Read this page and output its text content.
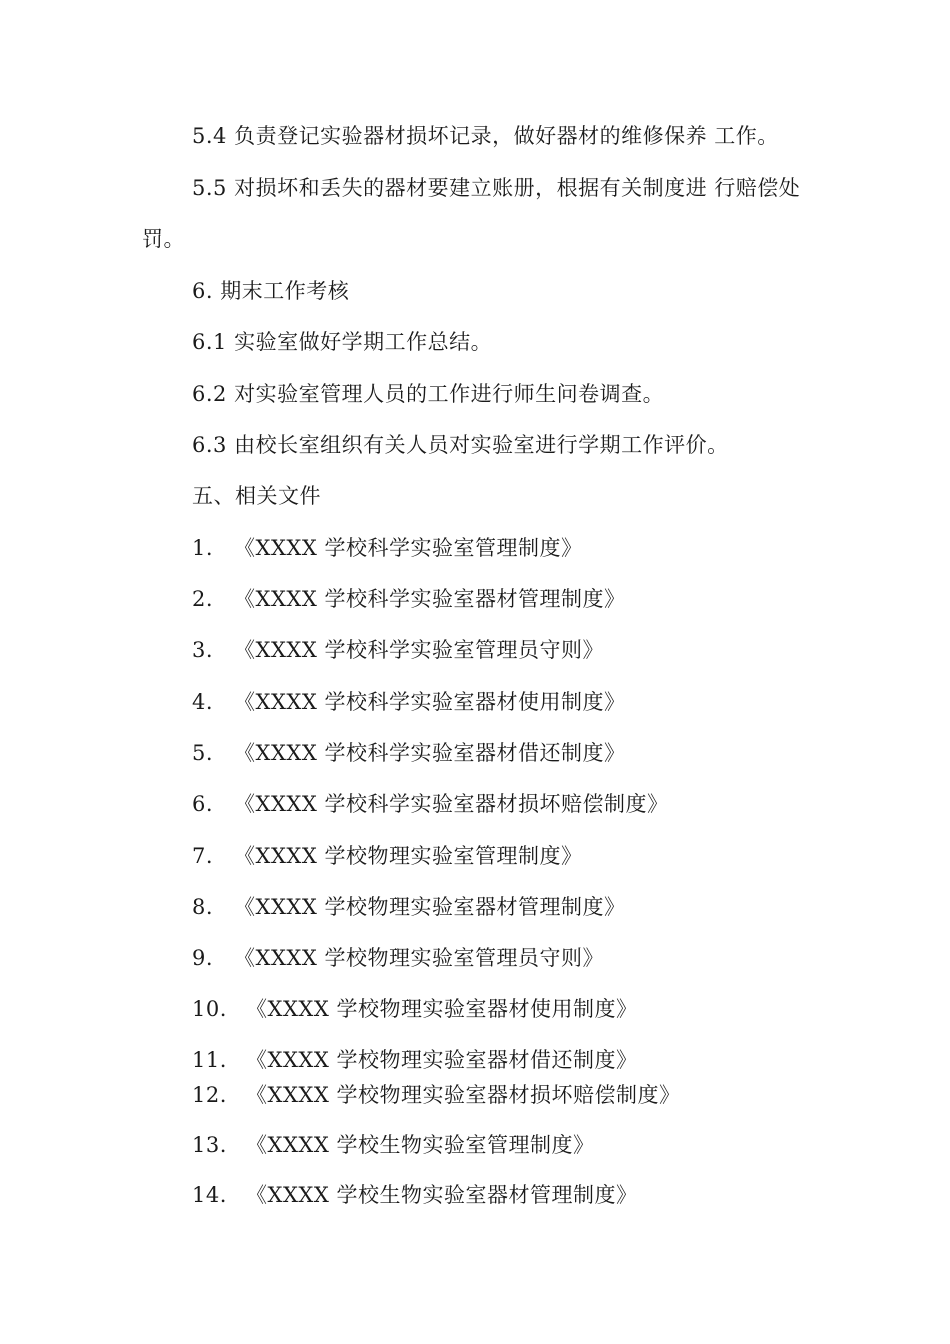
5.4 负责登记实验器材损坏记录，做好器材的维修保养 工作。
5.5 对损坏和丢失的器材要建立账册，根据有关制度进 行赔偿处
罚。
6. 期末工作考核
6.1 实验室做好学期工作总结。
6.2 对实验室管理人员的工作进行师生问卷调查。
6.3 由校长室组织有关人员对实验室进行学期工作评价。
五、相关文件
1. 《XXXX 学校科学实验室管理制度》
2. 《XXXX 学校科学实验室器材管理制度》
3. 《XXXX 学校科学实验室管理员守则》
4. 《XXXX 学校科学实验室器材使用制度》
5. 《XXXX 学校科学实验室器材借还制度》
6. 《XXXX 学校科学实验室器材损坏赔偿制度》
7. 《XXXX 学校物理实验室管理制度》
8. 《XXXX 学校物理实验室器材管理制度》
9. 《XXXX 学校物理实验室管理员守则》
10. 《XXXX 学校物理实验室器材使用制度》
11. 《XXXX 学校物理实验室器材借还制度》
12. 《XXXX 学校物理实验室器材损坏赔偿制度》
13. 《XXXX 学校生物实验室管理制度》
14. 《XXXX 学校生物实验室器材管理制度》
